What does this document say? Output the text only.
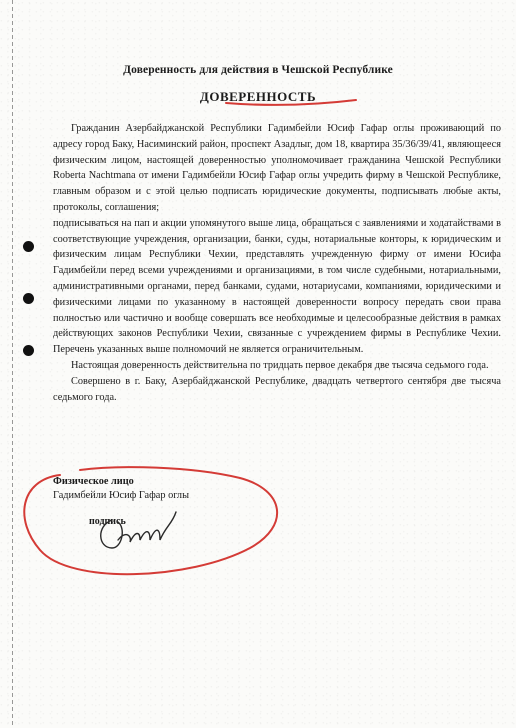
Доверенность для действия в Чешской Республике
ДОВЕРЕННОСТЬ

Гражданин Азербайджанской Республики Гадимбейли Юсиф Гафар оглы проживающий по адресу город Баку, Насиминский район, проспект Азадлыг, дом 18, квартира 35/36/39/41, являющееся физическим лицом, настоящей доверенностью уполномочивает гражданина Чешской Республики Roberta Nachtmana от имени Гадимбейли Юсиф Гафар оглы учредить фирму в Чешской Республике, главным образом и с этой целью подписать юридические документы, подписывать любые акты, протоколы, соглашения;

подписываться на пап и акции упомянутого выше лица, обращаться с заявлениями и ходатайствами в соответствующие учреждения, организации, банки, суды, нотариальные конторы, к юридическим и физическим лицам Республики Чехии, представлять учрежденную фирму от имени Юсифа Гадимбейли перед всеми учреждениями и организациями, в том числе судебными, нотариальными, административными органами, перед банками, судами, нотариусами, компаниями, юридическими и физическими лицами по указанному в настоящей доверенности вопросу передать свои права полностью или частично и вообще совершать все необходимые и целесообразные действия в рамках действующих законов Республики Чехии, связанные с учреждением фирмы в Республике Чехии. Перечень указанных выше полномочий не является ограничительным.

Настоящая доверенность действительна по тридцать первое декабря две тысяча седьмого года.

Совершено в г. Баку, Азербайджанской Республике, двадцать четвертого сентября две тысяча седьмого года.

Физическое лицо
Гадимбейли Юсиф Гафар оглы
подпись
